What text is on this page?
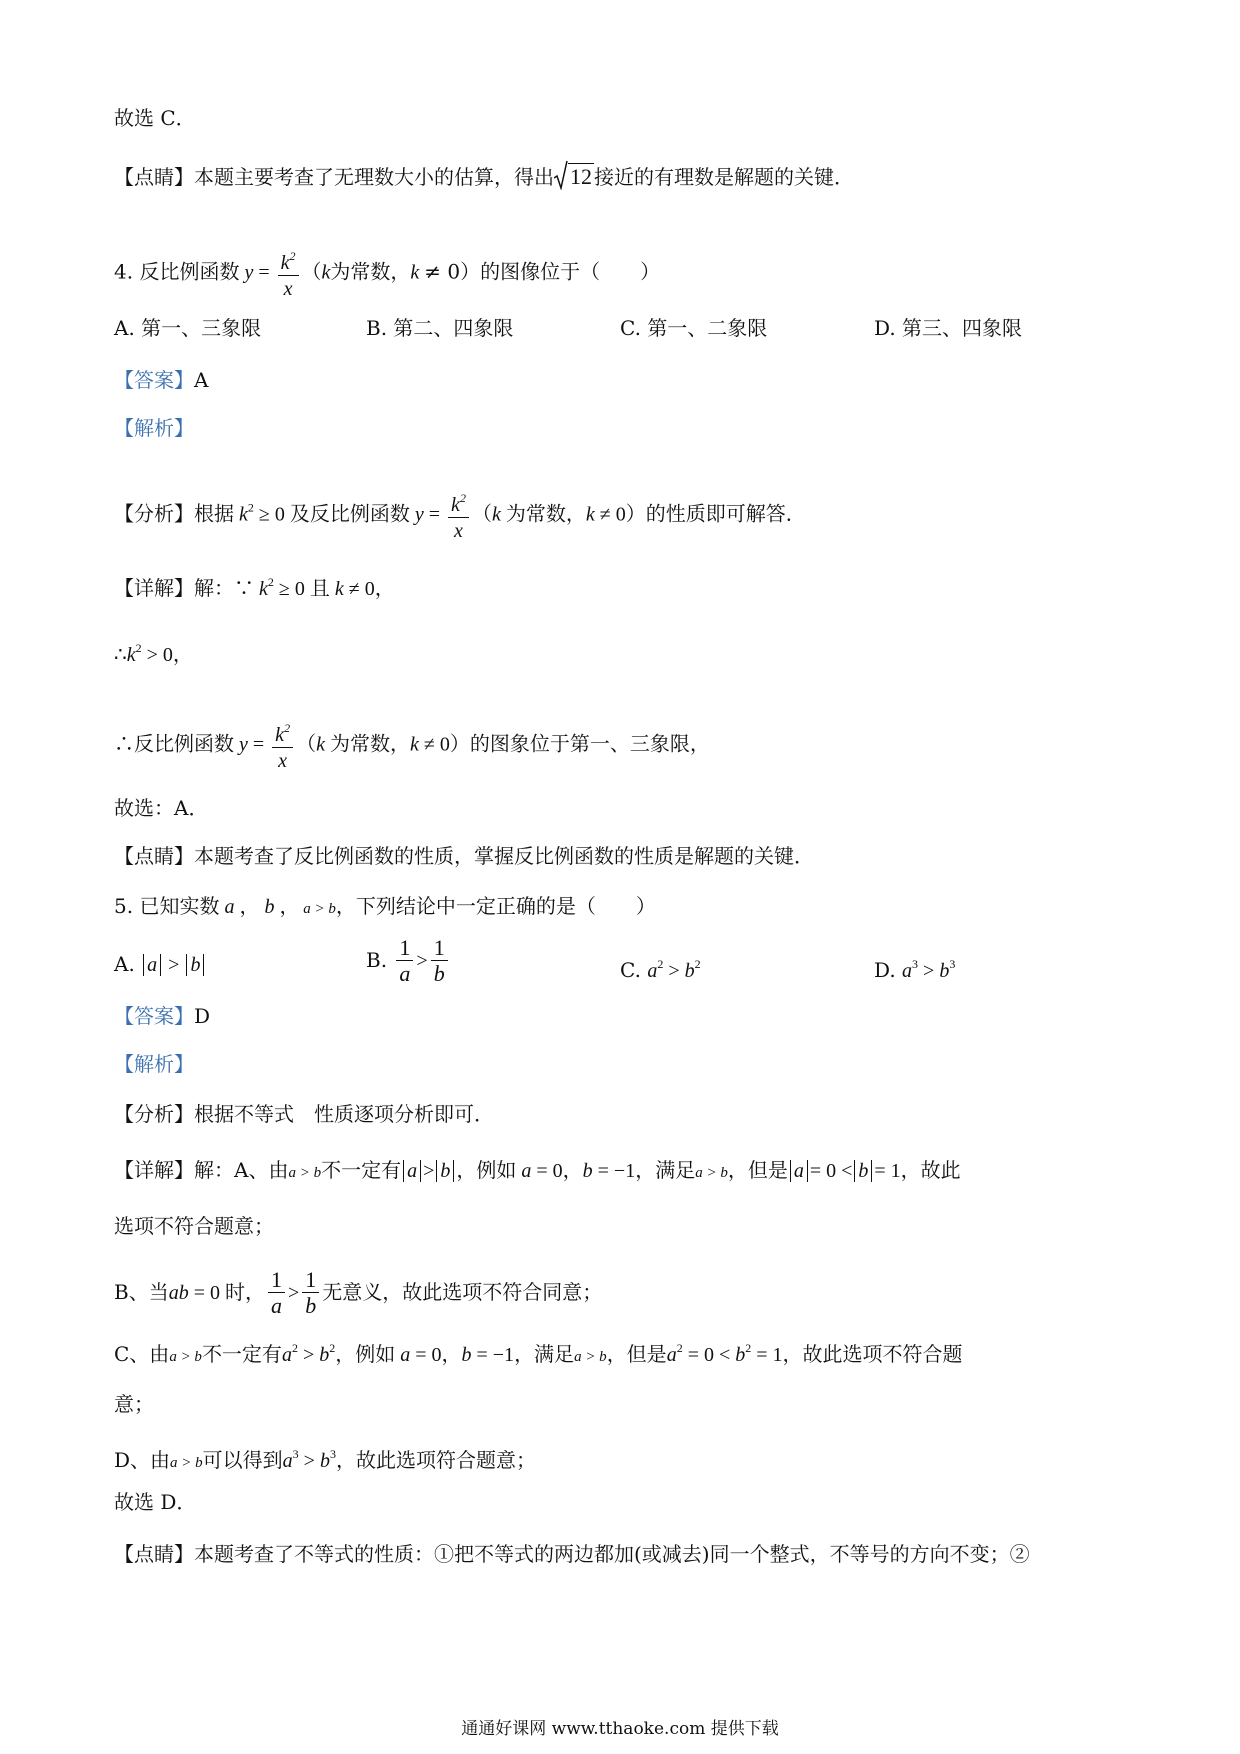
故选 C．
【点睛】本题主要考查了无理数大小的估算，得出 12 接近的有理数是解题的关键．
4. 反比例函数 $y = \frac{k^2}{x} (k$为常数，k ≠ 0）的图像位于（　　）
A. 第一、三象限	B. 第二、四象限	C. 第一、二象限	D. 第三、四象限
【答案】A
【解析】
【分析】根据 $k^2 \ge 0$ 及反比例函数 $y = \frac{k^2}{x} (k$ 为常数，k ≠ 0）的性质即可解答．
【详解】解：∵ $k^2 \ge 0$ 且 k ≠ 0，
$\therefore k^2 > 0$，
∴反比例函数 $y = \frac{k^2}{x} (k$ 为常数，k ≠ 0）的图象位于第一、三象限，
故选：A．
【点睛】本题考查了反比例函数的性质，掌握反比例函数的性质是解题的关键．
5. 已知实数 a ， b ， a > b，下列结论中一定正确的是（　　）
A. a > b	B. $\frac{1}{a} > \frac{1}{b}$	C. $a^2 > b^2$	D. $a^3 > b^3$
【答案】D
【解析】
【分析】根据不等式　性质逐项分析即可．
【详解】解：A、由a > b不一定有 a > b ，例如 a = 0，b = −1，满足a > b，但是 a = 0 < b = 1，故此
选项不符合题意；
B、当ab = 0 时， $\frac{1}{a} > \frac{1}{b}$ 无意义，故此选项不符合同意；
C、由a > b不一定有$a^2 > b^2$，例如 a = 0，b = −1，满足a > b，但是$a^2 = 0 < b^2 = 1$，故此选项不符合题
意；
D、由a > b可以得到$a^3 > b^3$，故此选项符合题意；
故选 D．
【点睛】本题考查了不等式的性质：①把不等式的两边都加(或减去)同一个整式，不等号的方向不变；②
通通好课网 www.tthaoke.com 提供下载
